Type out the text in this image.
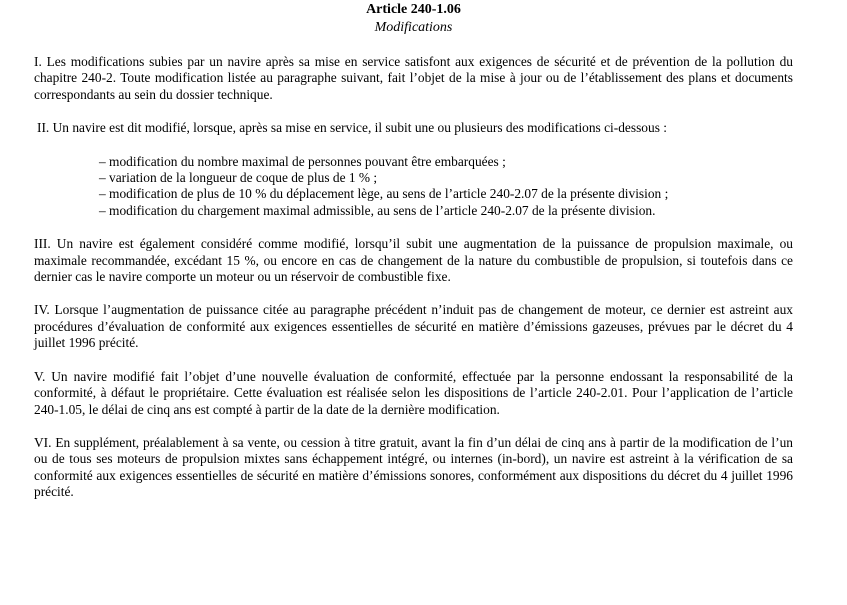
Article 240-1.06

Modifications

I. Les modifications subies par un navire après sa mise en service satisfont aux exigences de sécurité et de prévention de la pollution du chapitre 240-2. Toute modification listée au paragraphe suivant, fait l’objet de la mise à jour ou de l’établissement des plans et documents correspondants au sein du dossier technique.

II. Un navire est dit modifié, lorsque, après sa mise en service, il subit une ou plusieurs des modifications ci-dessous :

– modification du nombre maximal de personnes pouvant être embarquées ;
– variation de la longueur de coque de plus de 1 % ;
– modification de plus de 10 % du déplacement lège, au sens de l’article 240-2.07 de la présente division ;
– modification du chargement maximal admissible, au sens de l’article 240-2.07 de la présente division.

III. Un navire est également considéré comme modifié, lorsqu’il subit une augmentation de la puissance de propulsion maximale, ou maximale recommandée, excédant 15 %, ou encore en cas de changement de la nature du combustible de propulsion, si toutefois dans ce dernier cas le navire comporte un moteur ou un réservoir de combustible fixe.

IV. Lorsque l’augmentation de puissance citée au paragraphe précédent n’induit pas de changement de moteur, ce dernier est astreint aux procédures d’évaluation de conformité aux exigences essentielles de sécurité en matière d’émissions gazeuses, prévues par le décret du 4 juillet 1996 précité.

V. Un navire modifié fait l’objet d’une nouvelle évaluation de conformité, effectuée par la personne endossant la responsabilité de la conformité, à défaut le propriétaire. Cette évaluation est réalisée selon les dispositions de l’article 240-2.01. Pour l’application de l’article 240-1.05, le délai de cinq ans est compté à partir de la date de la dernière modification.

VI. En supplément, préalablement à sa vente, ou cession à titre gratuit, avant la fin d’un délai de cinq ans à partir de la modification de l’un ou de tous ses moteurs de propulsion mixtes sans échappement intégré, ou internes (in-bord), un navire est astreint à la vérification de sa conformité aux exigences essentielles de sécurité en matière d’émissions sonores, conformément aux dispositions du décret du 4 juillet 1996 précité.
